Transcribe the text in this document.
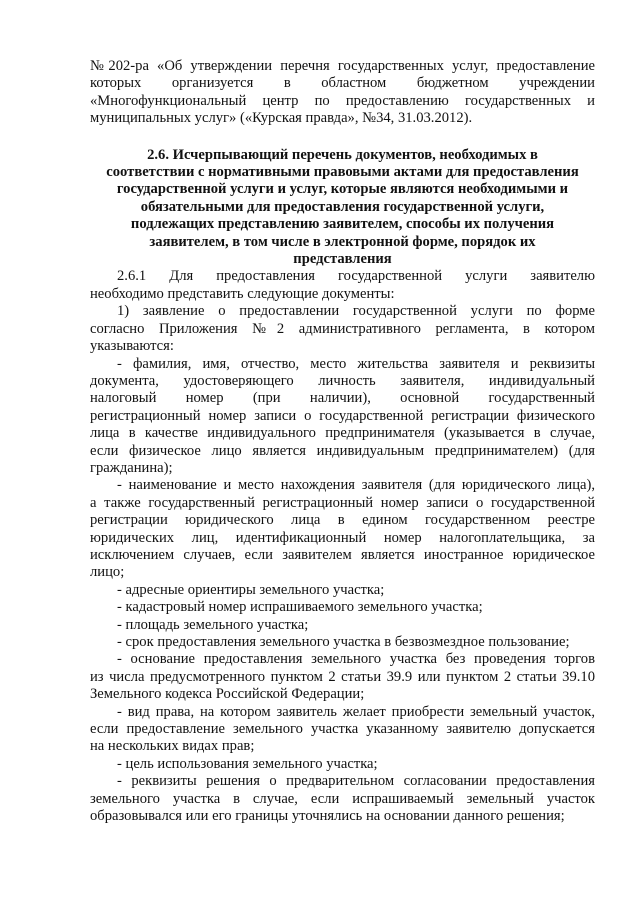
№202-ра «Об утверждении перечня государственных услуг, предоставление

которых организуется в областном бюджетном учреждении

«Многофункциональный центр по предоставлению государственных и

муниципальных услуг» («Курская правда», №34, 31.03.2012).

2.6. Исчерпывающий перечень документов, необходимых в
соответствии с нормативными правовыми актами для предоставления
государственной услуги и услуг, которые являются необходимыми и
обязательными для предоставления государственной услуги,
подлежащих представлению заявителем, способы их получения
заявителем, в том числе в электронной форме, порядок их
представления

2.6.1 Для предоставления государственной услуги заявителю

необходимо представить следующие документы:

1) заявление о предоставлении государственной услуги по форме

согласно Приложения №2 административного регламента, в котором

указываются:

- фамилия, имя, отчество, место жительства заявителя и реквизиты

документа, удостоверяющего личность заявителя, индивидуальный

налоговый номер (при наличии), основной государственный

регистрационный номер записи о государственной регистрации физического

лица в качестве индивидуального предпринимателя (указывается в случае,

если физическое лицо является индивидуальным предпринимателем) (для

гражданина);

- наименование и место нахождения заявителя (для юридического лица),

а также государственный регистрационный номер записи о государственной

регистрации юридического лица в едином государственном реестре

юридических лиц, идентификационный номер налогоплательщика, за

исключением случаев, если заявителем является иностранное юридическое

лицо;

- адресные ориентиры земельного участка;

- кадастровый номер испрашиваемого земельного участка;

- площадь земельного участка;

- срок предоставления земельного участка в безвозмездное пользование;

- основание предоставления земельного участка без проведения торгов

из числа предусмотренного пунктом 2 статьи 39.9 или пунктом 2 статьи 39.10

Земельного кодекса Российской Федерации;

- вид права, на котором заявитель желает приобрести земельный участок,

если предоставление земельного участка указанному заявителю допускается

на нескольких видах прав;

- цель использования земельного участка;

- реквизиты решения о предварительном согласовании предоставления

земельного участка в случае, если испрашиваемый земельный участок

образовывался или его границы уточнялись на основании данного решения;
